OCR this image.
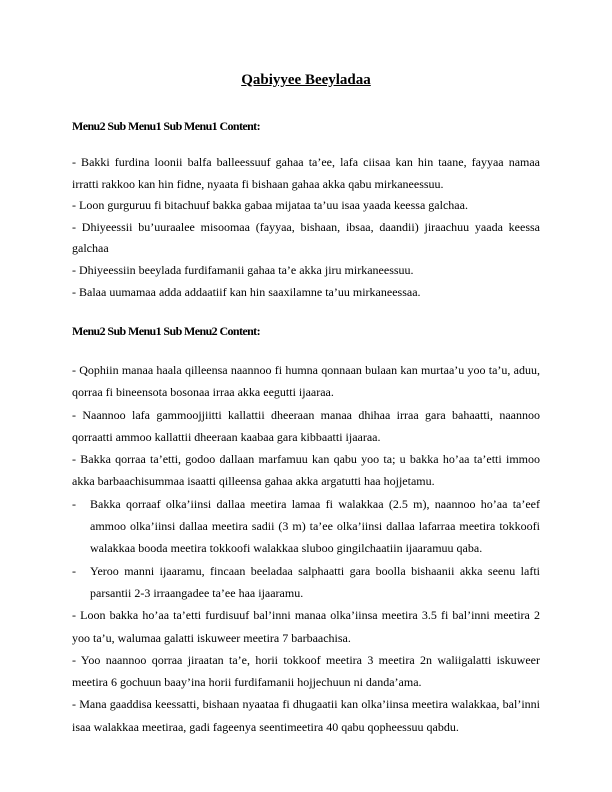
Qabiyyee Beeyladaa
Menu2 Sub Menu1 Sub Menu1 Content:

- Bakki furdina loonii balfa balleessuuf gahaa ta’ee, lafa ciisaa kan hin taane, fayyaa namaa irratti rakkoo kan hin fidne, nyaata fi bishaan gahaa akka qabu mirkaneessuu.

- Loon gurguruu fi bitachuuf bakka gabaa mijataa ta’uu isaa yaada keessa galchaa.

- Dhiyeessii bu’uuraalee misoomaa (fayyaa, bishaan, ibsaa, daandii) jiraachuu yaada keessa galchaa

- Dhiyeessiin beeylada furdifamanii gahaa ta’e akka jiru mirkaneessuu.

- Balaa uumamaa adda addaatiif kan hin saaxilamne ta’uu mirkaneessaa.

Menu2 Sub Menu1 Sub Menu2 Content:

- Qophiin manaa haala qilleensa naannoo fi humna qonnaan bulaan kan murtaa’u yoo ta’u, aduu, qorraa fi bineensota bosonaa irraa akka eegutti ijaaraa.

- Naannoo lafa gammoojjiitti kallattii dheeraan manaa dhihaa irraa gara bahaatti, naannoo qorraatti ammoo kallattii dheeraan kaabaa gara kibbaatti ijaaraa.

- Bakka qorraa ta’etti, godoo dallaan marfamuu kan qabu yoo ta; u bakka ho’aa ta’etti immoo akka barbaachisummaa isaatti qilleensa gahaa akka argatutti haa hojjetamu.

-	Bakka qorraaf olka’iinsi dallaa meetira lamaa fi walakkaa (2.5 m), naannoo ho’aa ta’eef ammoo olka’iinsi dallaa meetira sadii (3 m) ta’ee olka’iinsi dallaa lafarraa meetira tokkoofi walakkaa booda meetira tokkoofi walakkaa sluboo gingilchaatiin ijaaramuu qaba.
-	Yeroo manni ijaaramu, fincaan beeladaa salphaatti gara boolla bishaanii akka seenu lafti parsantii 2-3 irraangadee ta’ee haa ijaaramu.

- Loon bakka ho’aa ta’etti furdisuuf bal’inni manaa olka’iinsa meetira 3.5 fi bal’inni meetira 2 yoo ta’u, walumaa galatti iskuweer meetira 7 barbaachisa.

- Yoo naannoo qorraa jiraatan ta’e, horii tokkoof meetira 3 meetira 2n waliigalatti iskuweer meetira 6 gochuun baay’ina horii furdifamanii hojjechuun ni danda’ama.

- Mana gaaddisa keessatti, bishaan nyaataa fi dhugaatii kan olka’iinsa meetira walakkaa, bal’inni isaa walakkaa meetiraa, gadi fageenya seentimeetira 40 qabu qopheessuu qabdu.
